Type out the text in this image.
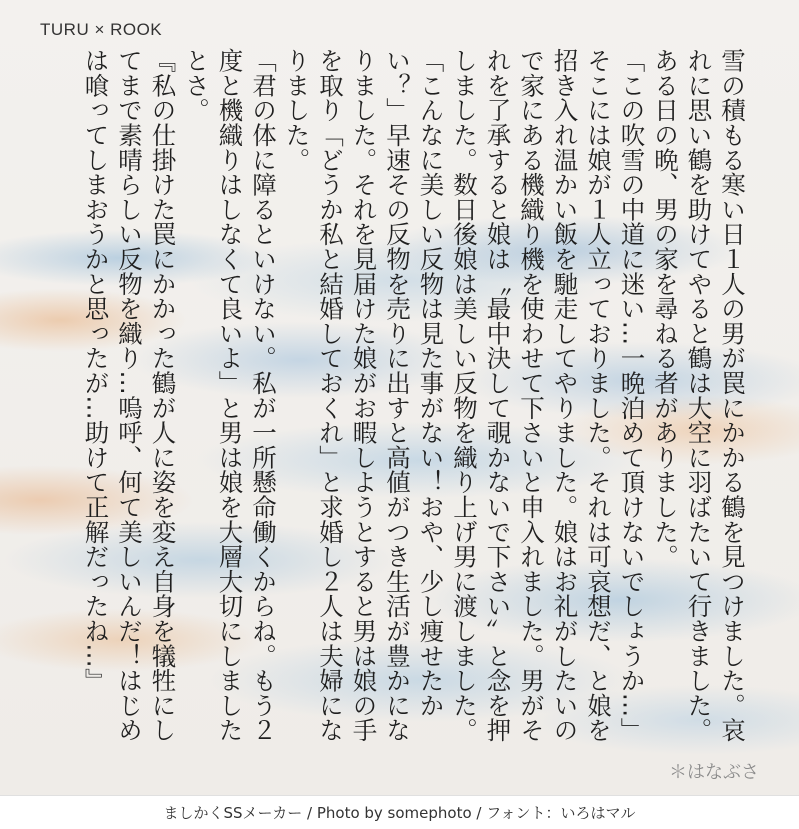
TURU × ROOK

雪の積もる寒い日１人の男が罠にかかる鶴を見つけました。哀れに思い鶴を助けてやると鶴は大空に羽ばたいて行きました。ある日の晩、男の家を尋ねる者がありました。

「この吹雪の中道に迷い…一晩泊めて頂けないでしょうか…」そこには娘が１人立っておりました。それは可哀想だ、と娘を招き入れ温かい飯を馳走してやりました。娘はお礼がしたいので家にある機織り機を使わせて下さいと申入れました。男がそれを了承すると娘は〝最中決して覗かないで下さい〟と念を押しました。数日後娘は美しい反物を織り上げ男に渡しました。

「こんなに美しい反物は見た事がない！おや、少し痩せたかい？」早速その反物を売りに出すと高値がつき生活が豊かになりました。それを見届けた娘がお暇しようとすると男は娘の手を取り「どうか私と結婚しておくれ」と求婚し２人は夫婦になりました。

「君の体に障るといけない。私が一所懸命働くからね。もう２度と機織りはしなくて良いよ」と男は娘を大層大切にしましたとさ。

『私の仕掛けた罠にかかった鶴が人に姿を変え自身を犠牲にしてまで素晴らしい反物を織り…嗚呼、何て美しいんだ！はじめは喰ってしまおうかと思ったが…助けて正解だったね…』

＊はなぶさ
ましかくSSメーカー / Photo by somephoto / フォント：いろはマル
